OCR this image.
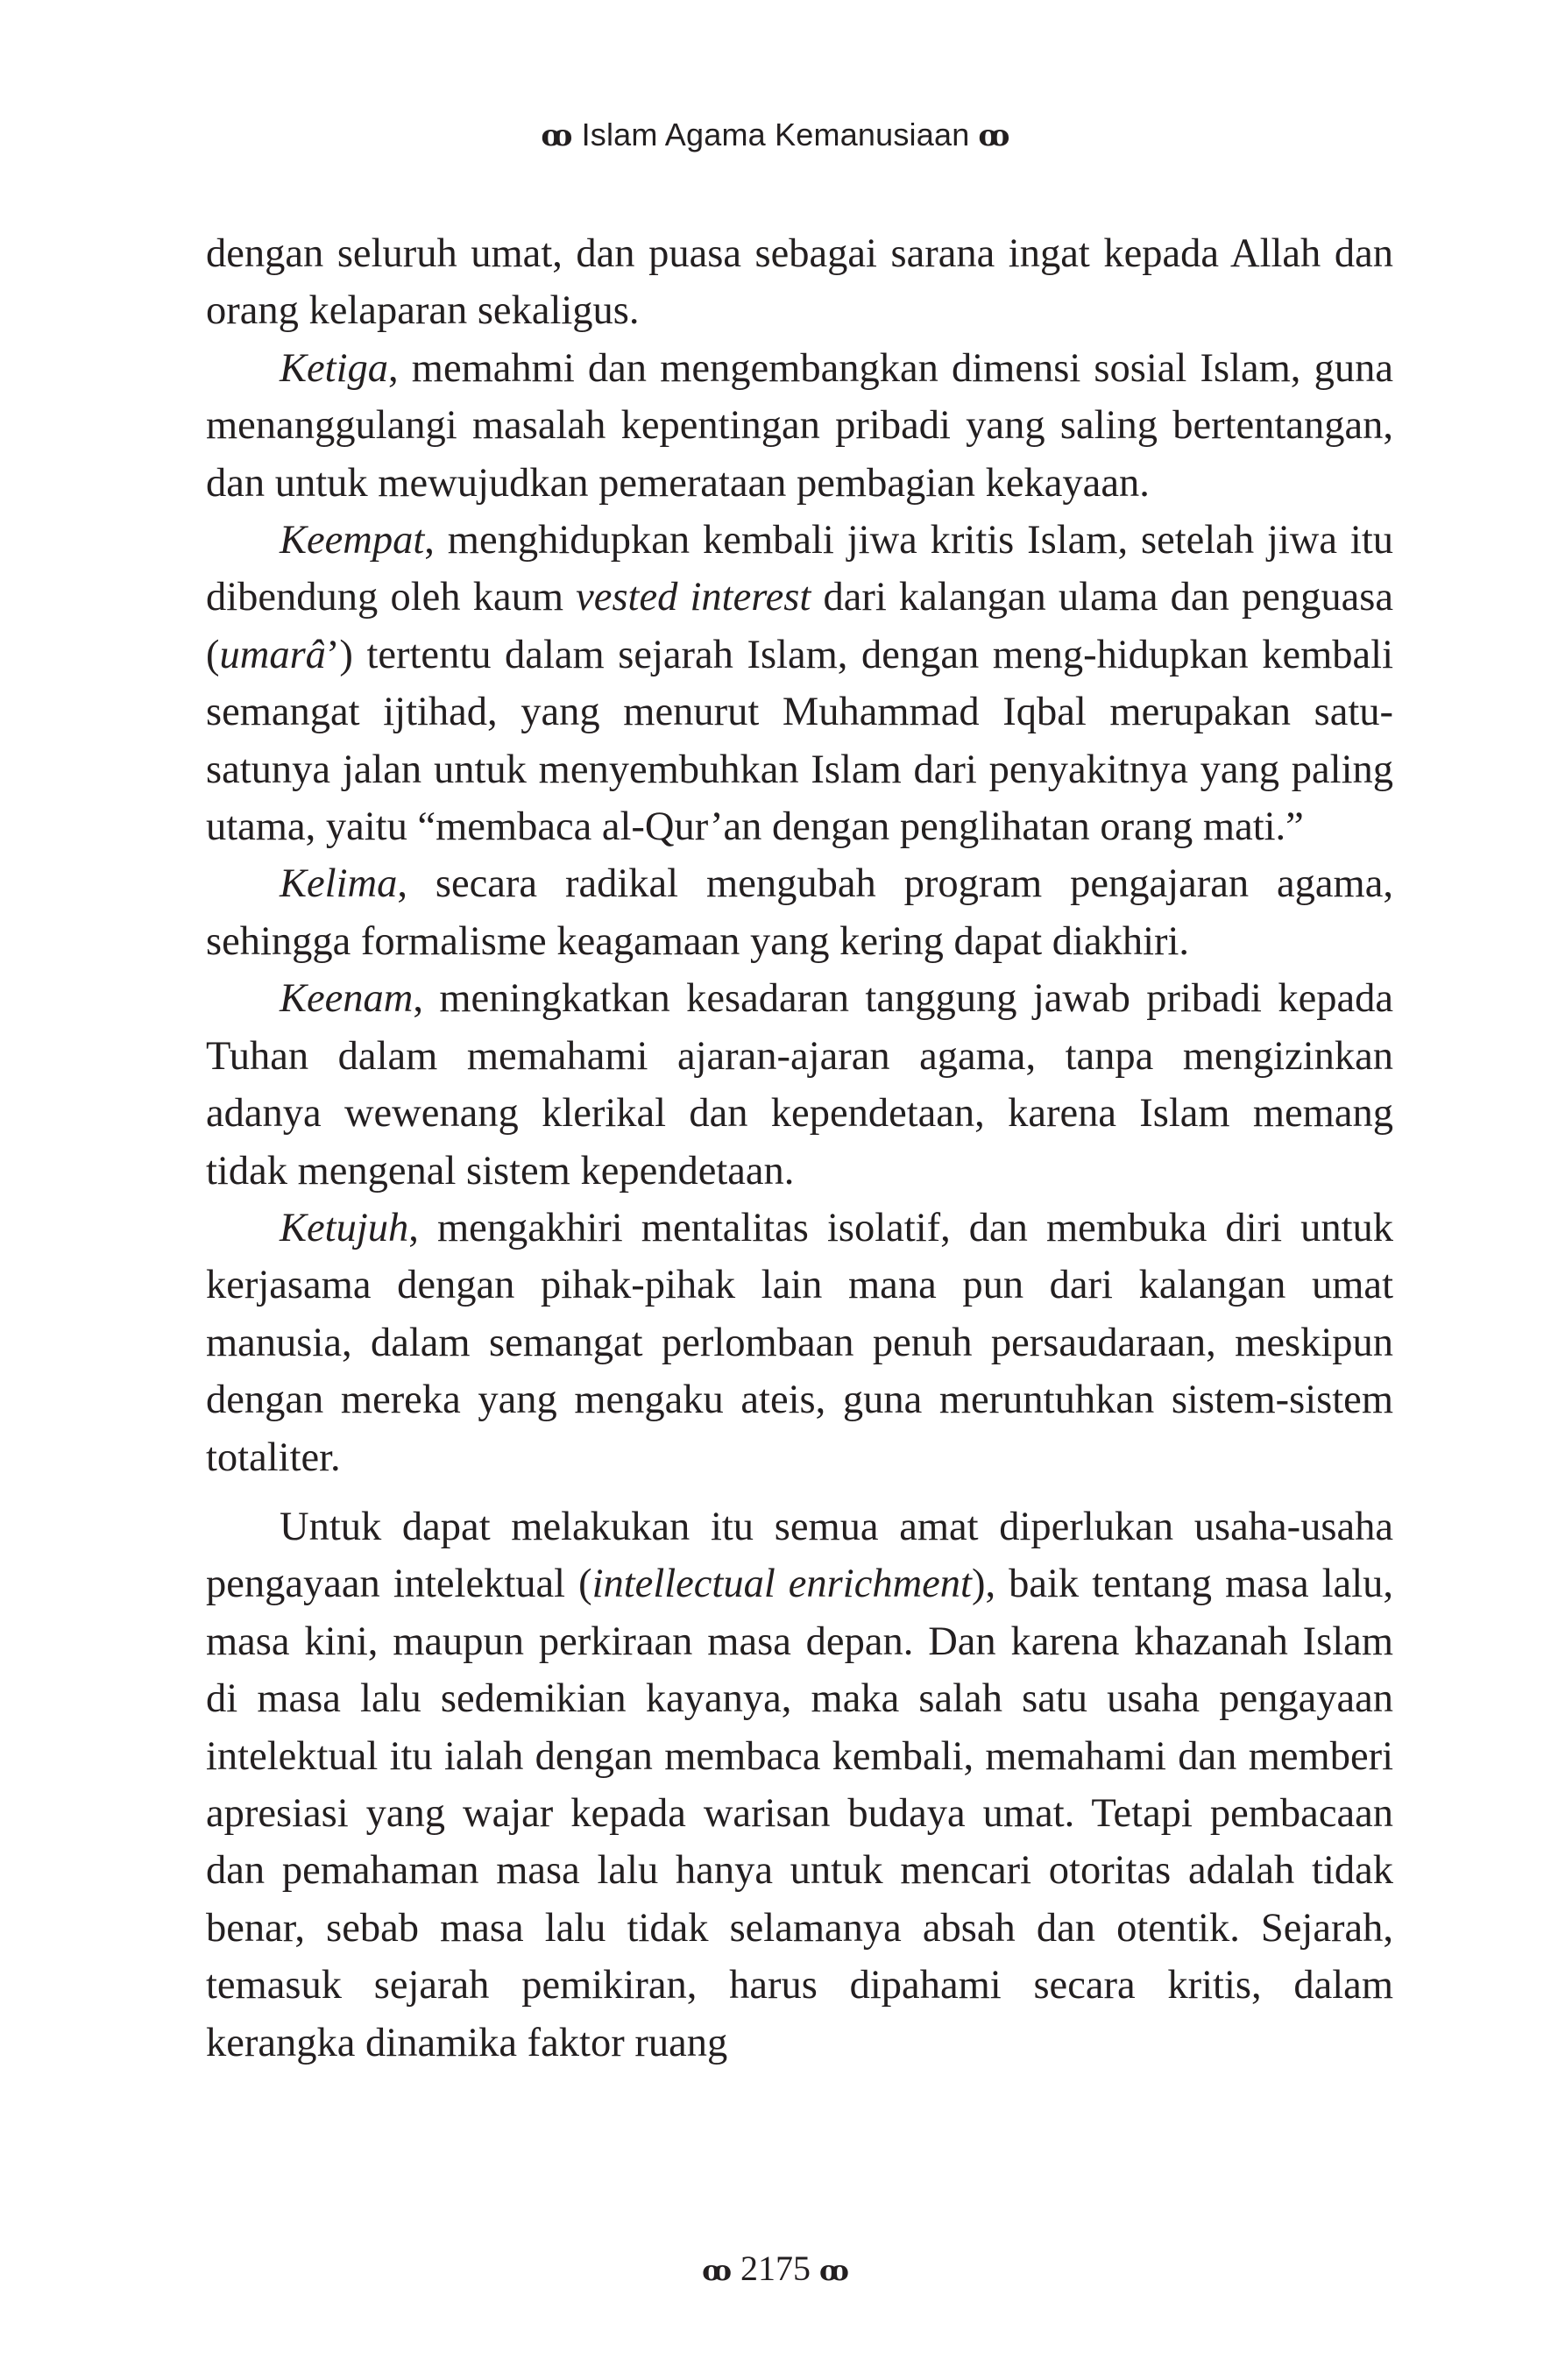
ꝏ Islam Agama Kemanusiaan ꝏ

dengan seluruh umat, dan puasa sebagai sarana ingat kepada Allah dan orang kelaparan sekaligus.

Ketiga, memahmi dan mengembangkan dimensi sosial Islam, guna menanggulangi masalah kepentingan pribadi yang saling bertentangan, dan untuk mewujudkan pemerataan pembagian kekayaan.

Keempat, menghidupkan kembali jiwa kritis Islam, setelah jiwa itu dibendung oleh kaum vested interest dari kalangan ulama dan penguasa (umarâ’) tertentu dalam sejarah Islam, dengan meng-hidupkan kembali semangat ijtihad, yang menurut Muhammad Iqbal merupakan satu-satunya jalan untuk menyembuhkan Islam dari penyakitnya yang paling utama, yaitu “membaca al-Qur’an dengan penglihatan orang mati.”

Kelima, secara radikal mengubah program pengajaran agama, sehingga formalisme keagamaan yang kering dapat diakhiri.

Keenam, meningkatkan kesadaran tanggung jawab pribadi kepada Tuhan dalam memahami ajaran-ajaran agama, tanpa mengizinkan adanya wewenang klerikal dan kependetaan, karena Islam memang tidak mengenal sistem kependetaan.

Ketujuh, mengakhiri mentalitas isolatif, dan membuka diri untuk kerjasama dengan pihak-pihak lain mana pun dari kalangan umat manusia, dalam semangat perlombaan penuh persaudaraan, meskipun dengan mereka yang mengaku ateis, guna meruntuhkan sistem-sistem totaliter.

Untuk dapat melakukan itu semua amat diperlukan usaha-usaha pengayaan intelektual (intellectual enrichment), baik tentang masa lalu, masa kini, maupun perkiraan masa depan. Dan karena khazanah Islam di masa lalu sedemikian kayanya, maka salah satu usaha pengayaan intelektual itu ialah dengan membaca kembali, memahami dan memberi apresiasi yang wajar kepada warisan budaya umat. Tetapi pembacaan dan pemahaman masa lalu hanya untuk mencari otoritas adalah tidak benar, sebab masa lalu tidak selamanya absah dan otentik. Sejarah, temasuk sejarah pemikiran, harus dipahami secara kritis, dalam kerangka dinamika faktor ruang

ꝏ 2175 ꝏ
